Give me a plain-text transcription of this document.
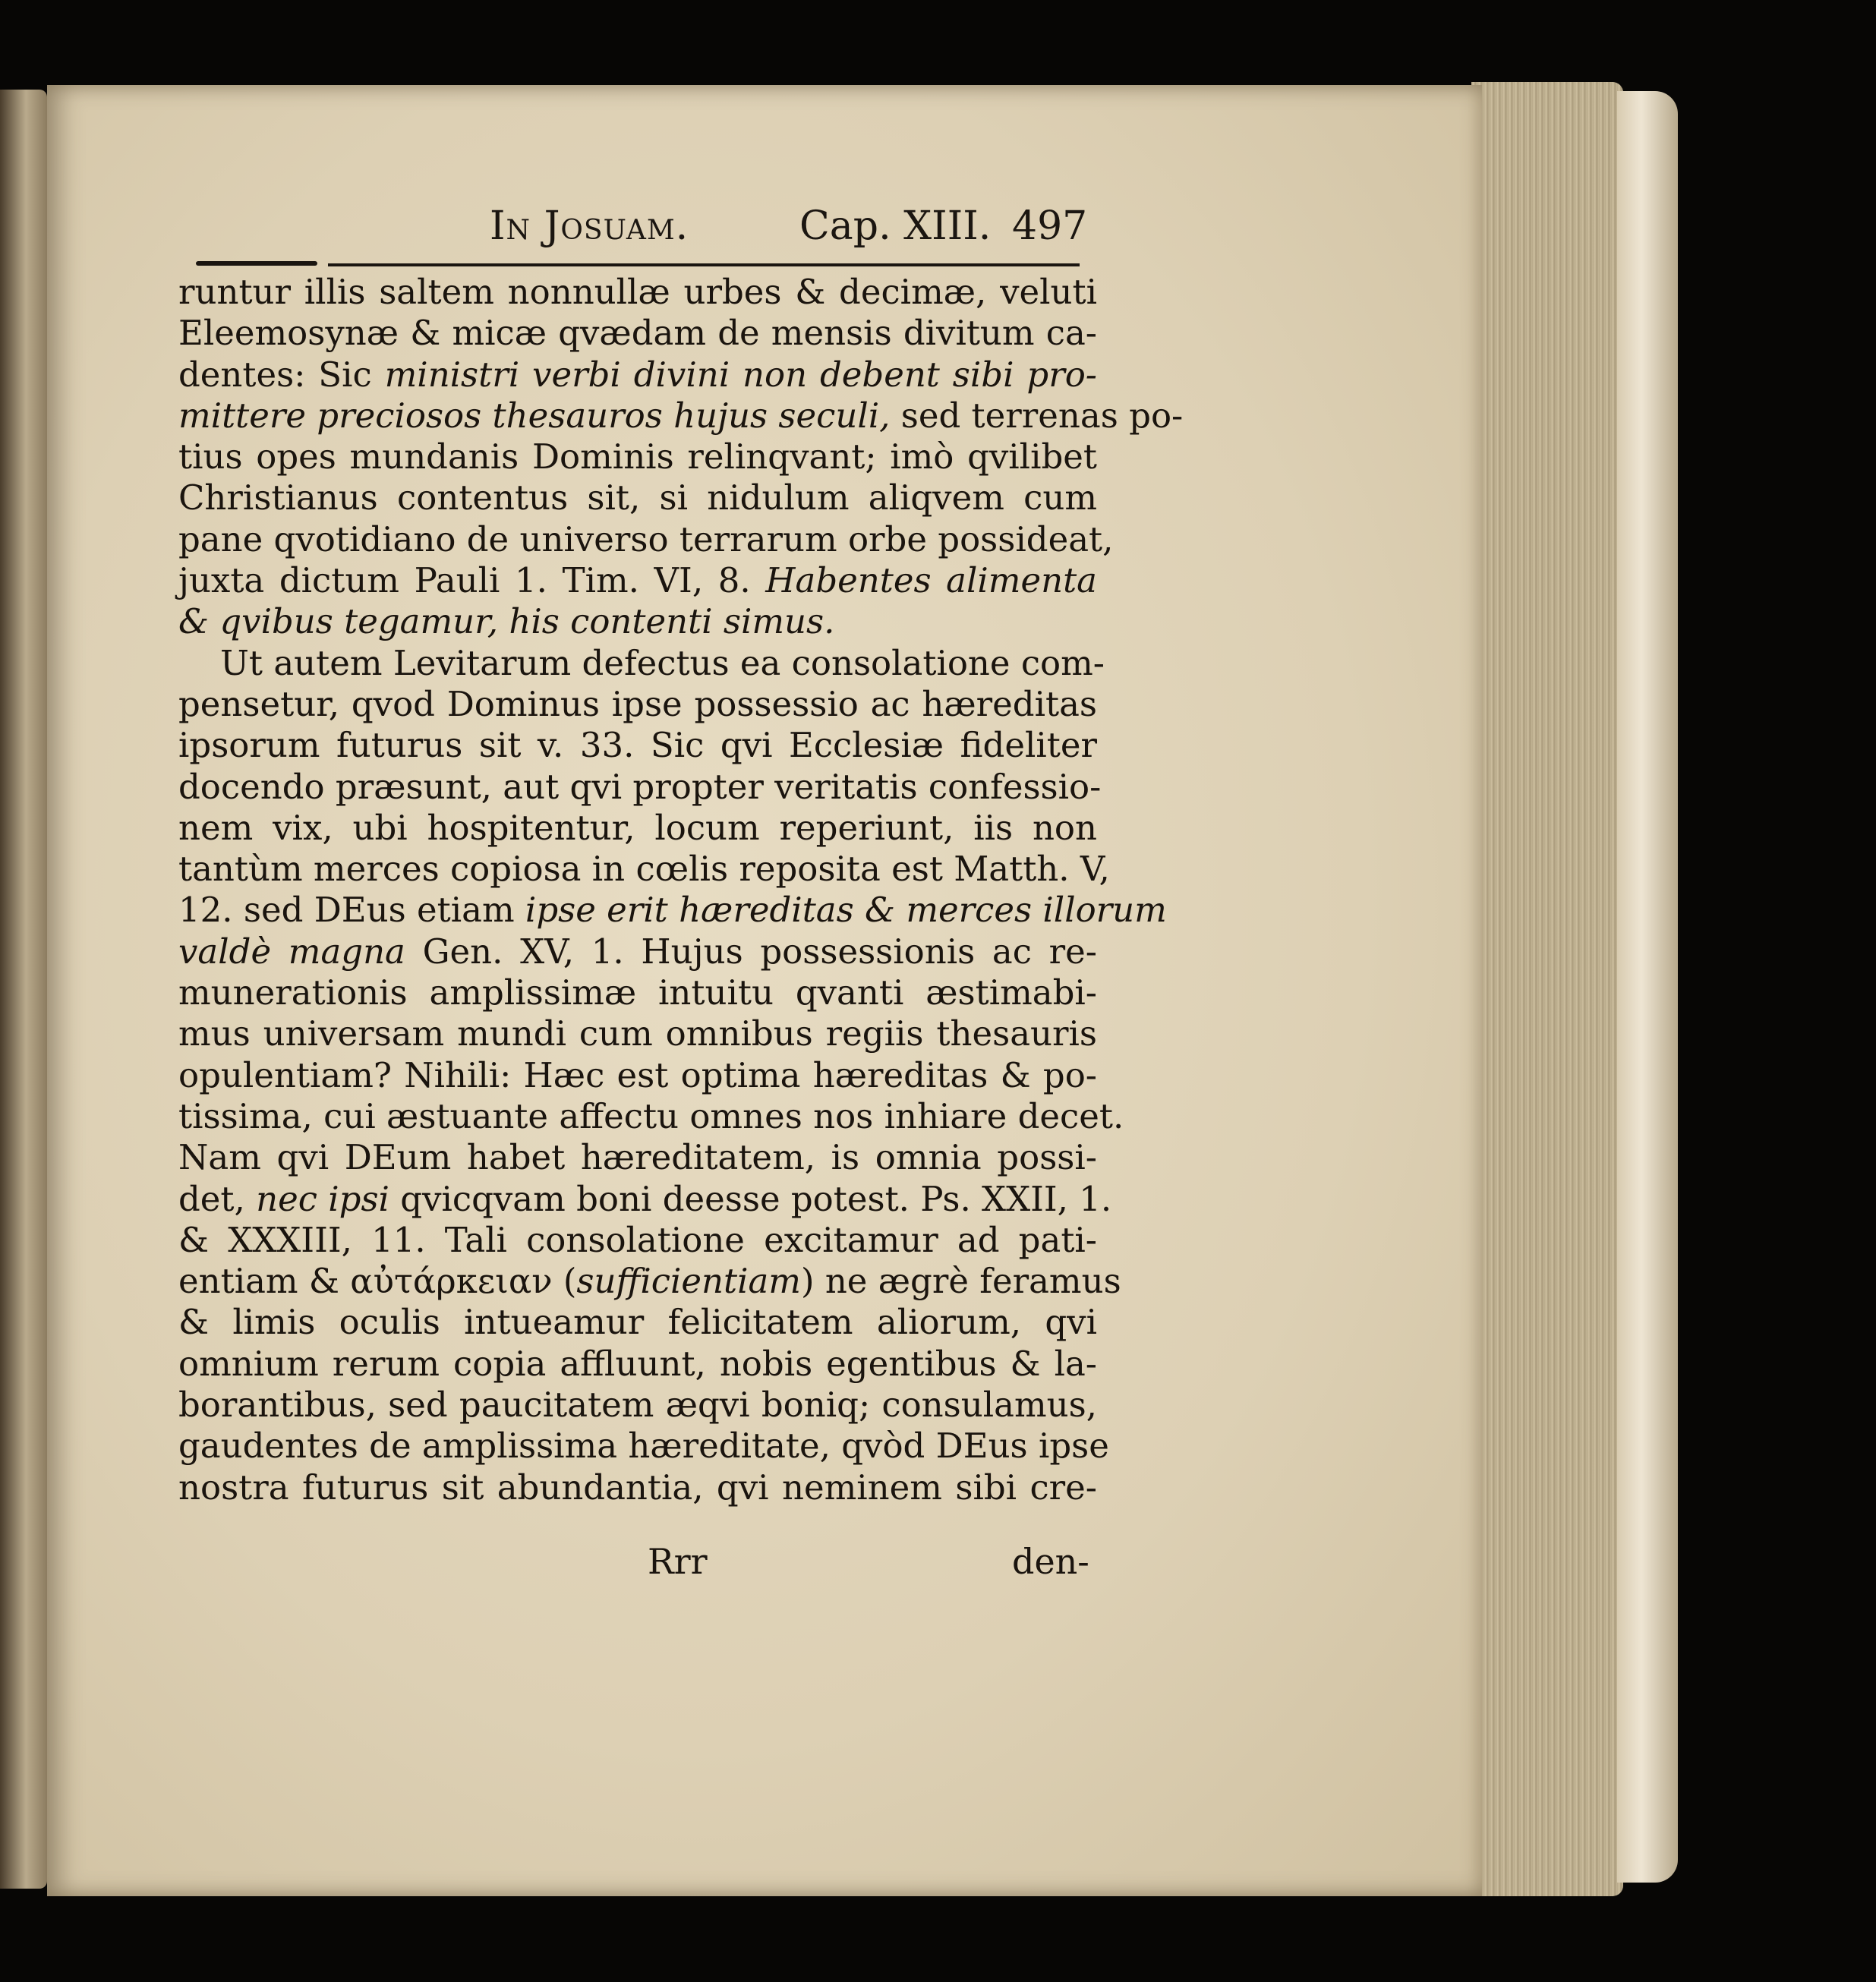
In Josuam.	Cap. XIII. 497
runtur illis saltem nonnullæ urbes & decimæ, veluti
Eleemosynæ & micæ qvædam de mensis divitum ca-
dentes: Sic ministri verbi divini non debent sibi pro-
mittere preciosos thesauros hujus seculi, sed terrenas po-
tius opes mundanis Dominis relinqvant; imò qvilibet
Christianus contentus sit, si nidulum aliqvem cum
pane qvotidiano de universo terrarum orbe possideat,
juxta dictum Pauli 1. Tim. VI, 8. Habentes alimenta
& qvibus tegamur, his contenti simus.
Ut autem Levitarum defectus ea consolatione com-
pensetur, qvod Dominus ipse possessio ac hæreditas
ipsorum futurus sit v. 33. Sic qvi Ecclesiæ fideliter
docendo præsunt, aut qvi propter veritatis confessio-
nem vix, ubi hospitentur, locum reperiunt, iis non
tantùm merces copiosa in cœlis reposita est Matth. V,
12. sed DEus etiam ipse erit hæreditas & merces illorum
valdè magna Gen. XV, 1. Hujus possessionis ac re-
munerationis amplissimæ intuitu qvanti æstimabi-
mus universam mundi cum omnibus regiis thesauris
opulentiam? Nihili: Hæc est optima hæreditas & po-
tissima, cui æstuante affectu omnes nos inhiare decet.
Nam qvi DEum habet hæreditatem, is omnia possi-
det, nec ipsi qvicqvam boni deesse potest. Ps. XXII, 1.
& XXXIII, 11. Tali consolatione excitamur ad pati-
entiam & αὐτάρκειαν (sufficientiam) ne ægrè feramus
& limis oculis intueamur felicitatem aliorum, qvi
omnium rerum copia affluunt, nobis egentibus & la-
borantibus, sed paucitatem æqvi boniq; consulamus,
gaudentes de amplissima hæreditate, qvòd DEus ipse
nostra futurus sit abundantia, qvi neminem sibi cre-
Rrr	den-
